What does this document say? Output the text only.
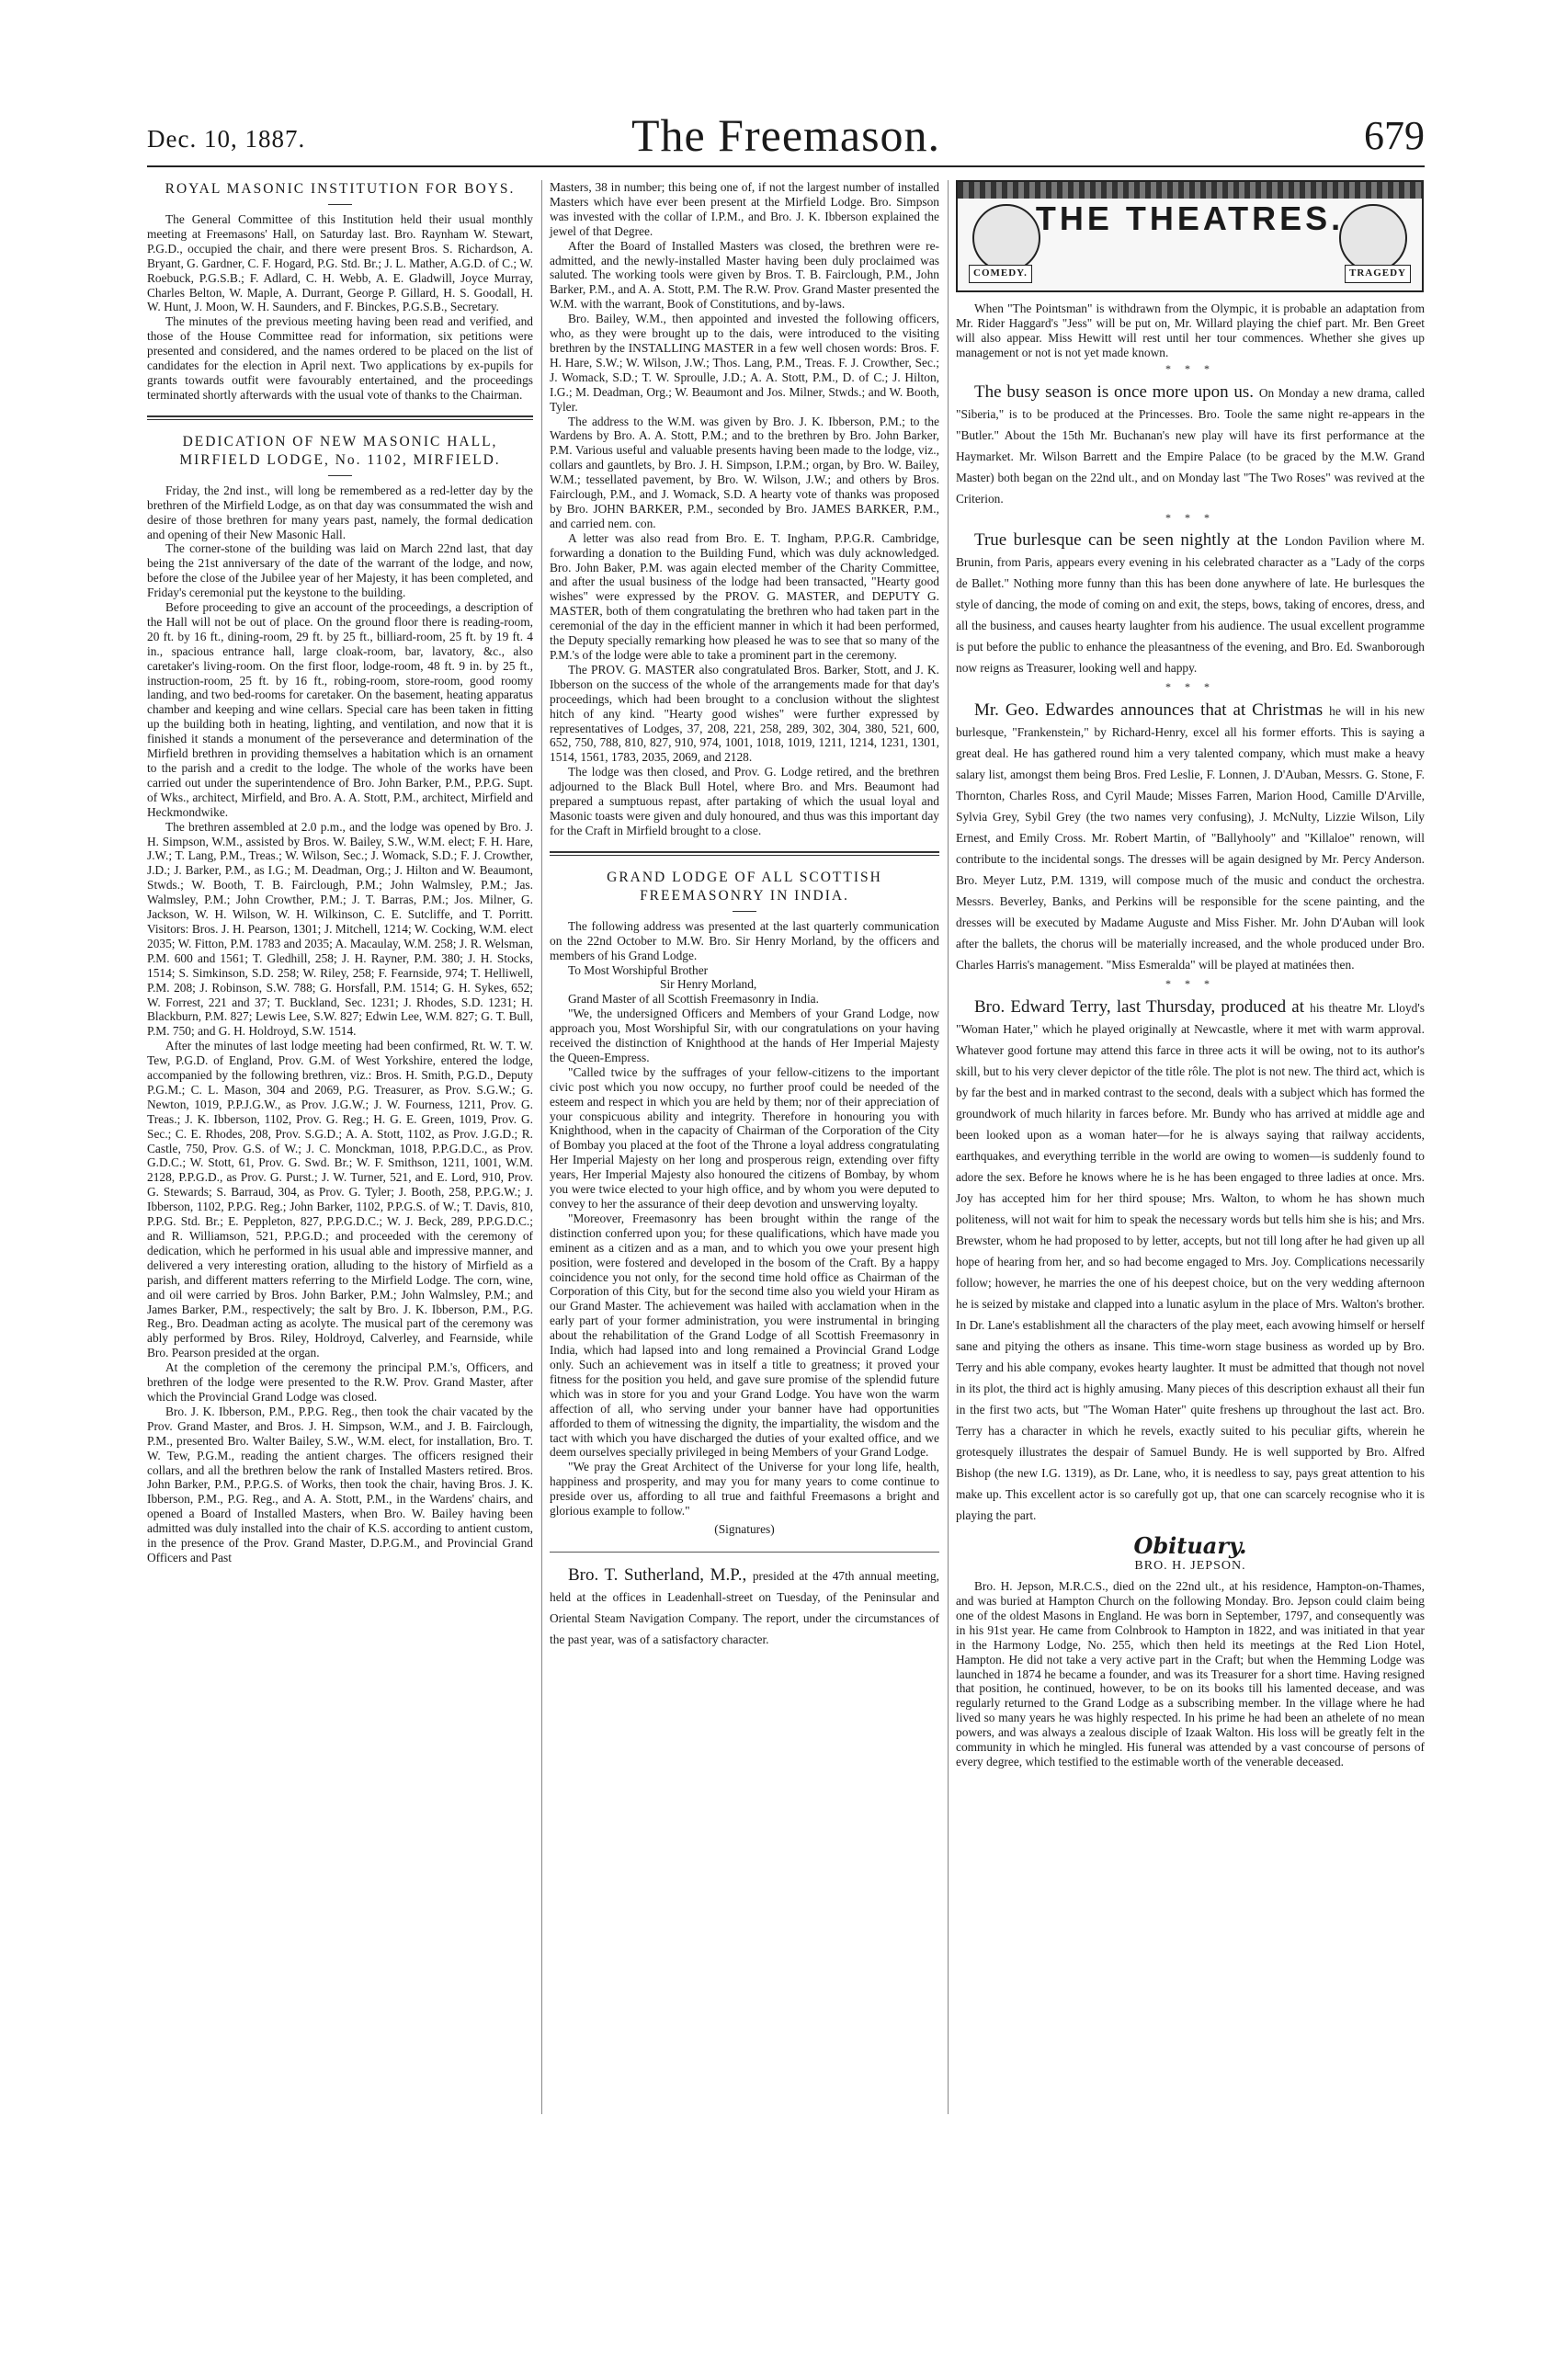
Dec. 10, 1887.	The Freemason.	679
ROYAL MASONIC INSTITUTION FOR BOYS.

The General Committee of this Institution held their usual monthly meeting at Freemasons' Hall, on Saturday last. Bro. Raynham W. Stewart, P.G.D., occupied the chair, and there were present Bros. S. Richardson, A. Bryant, G. Gardner, C. F. Hogard, P.G. Std. Br.; J. L. Mather, A.G.D. of C.; W. Roebuck, P.G.S.B.; F. Adlard, C. H. Webb, A. E. Gladwill, Joyce Murray, Charles Belton, W. Maple, A. Durrant, George P. Gillard, H. S. Goodall, H. W. Hunt, J. Moon, W. H. Saunders, and F. Binckes, P.G.S.B., Secretary.

The minutes of the previous meeting having been read and verified, and those of the House Committee read for information, six petitions were presented and considered, and the names ordered to be placed on the list of candidates for the election in April next. Two applications by ex-pupils for grants towards outfit were favourably entertained, and the proceedings terminated shortly afterwards with the usual vote of thanks to the Chairman.

DEDICATION OF NEW MASONIC HALL, MIRFIELD LODGE, No. 1102, MIRFIELD.

Friday, the 2nd inst., will long be remembered as a red-letter day by the brethren of the Mirfield Lodge, as on that day was consummated the wish and desire of those brethren for many years past, namely, the formal dedication and opening of their New Masonic Hall.

The corner-stone of the building was laid on March 22nd last, that day being the 21st anniversary of the date of the warrant of the lodge, and now, before the close of the Jubilee year of her Majesty, it has been completed, and Friday's ceremonial put the keystone to the building.

Before proceeding to give an account of the proceedings, a description of the Hall will not be out of place. On the ground floor there is reading-room, 20 ft. by 16 ft., dining-room, 29 ft. by 25 ft., billiard-room, 25 ft. by 19 ft. 4 in., spacious entrance hall, large cloak-room, bar, lavatory, &c., also caretaker's living-room. On the first floor, lodge-room, 48 ft. 9 in. by 25 ft., instruction-room, 25 ft. by 16 ft., robing-room, store-room, good roomy landing, and two bed-rooms for caretaker. On the basement, heating apparatus chamber and keeping and wine cellars. Special care has been taken in fitting up the building both in heating, lighting, and ventilation, and now that it is finished it stands a monument of the perseverance and determination of the Mirfield brethren in providing themselves a habitation which is an ornament to the parish and a credit to the lodge. The whole of the works have been carried out under the superintendence of Bro. John Barker, P.M., P.P.G. Supt. of Wks., architect, Mirfield, and Bro. A. A. Stott, P.M., architect, Mirfield and Heckmondwike.

The brethren assembled at 2.0 p.m., and the lodge was opened by Bro. J. H. Simpson, W.M., assisted by Bros. W. Bailey, S.W., W.M. elect; F. H. Hare, J.W.; T. Lang, P.M., Treas.; W. Wilson, Sec.; J. Womack, S.D.; F. J. Crowther, J.D.; J. Barker, P.M., as I.G.; M. Deadman, Org.; J. Hilton and W. Beaumont, Stwds.; W. Booth, T. B. Fairclough, P.M.; John Walmsley, P.M.; Jas. Walmsley, P.M.; John Crowther, P.M.; J. T. Barras, P.M.; Jos. Milner, G. Jackson, W. H. Wilson, W. H. Wilkinson, C. E. Sutcliffe, and T. Porritt. Visitors: Bros. J. H. Pearson, 1301; J. Mitchell, 1214; W. Cocking, W.M. elect 2035; W. Fitton, P.M. 1783 and 2035; A. Macaulay, W.M. 258; J. R. Welsman, P.M. 600 and 1561; T. Gledhill, 258; J. H. Rayner, P.M. 380; J. H. Stocks, 1514; S. Simkinson, S.D. 258; W. Riley, 258; F. Fearnside, 974; T. Helliwell, P.M. 208; J. Robinson, S.W. 788; G. Horsfall, P.M. 1514; G. H. Sykes, 652; W. Forrest, 221 and 37; T. Buckland, Sec. 1231; J. Rhodes, S.D. 1231; H. Blackburn, P.M. 827; Lewis Lee, S.W. 827; Edwin Lee, W.M. 827; G. T. Bull, P.M. 750; and G. H. Holdroyd, S.W. 1514.

After the minutes of last lodge meeting had been confirmed, Rt. W. T. W. Tew, P.G.D. of England, Prov. G.M. of West Yorkshire, entered the lodge, accompanied by the following brethren, viz.: Bros. H. Smith, P.G.D., Deputy P.G.M.; C. L. Mason, 304 and 2069, P.G. Treasurer, as Prov. S.G.W.; G. Newton, 1019, P.P.J.G.W., as Prov. J.G.W.; J. W. Fourness, 1211, Prov. G. Treas.; J. K. Ibberson, 1102, Prov. G. Reg.; H. G. E. Green, 1019, Prov. G. Sec.; C. E. Rhodes, 208, Prov. S.G.D.; A. A. Stott, 1102, as Prov. J.G.D.; R. Castle, 750, Prov. G.S. of W.; J. C. Monckman, 1018, P.P.G.D.C., as Prov. G.D.C.; W. Stott, 61, Prov. G. Swd. Br.; W. F. Smithson, 1211, 1001, W.M. 2128, P.P.G.D., as Prov. G. Purst.; J. W. Turner, 521, and E. Lord, 910, Prov. G. Stewards; S. Barraud, 304, as Prov. G. Tyler; J. Booth, 258, P.P.G.W.; J. Ibberson, 1102, P.P.G. Reg.; John Barker, 1102, P.P.G.S. of W.; T. Davis, 810, P.P.G. Std. Br.; E. Peppleton, 827, P.P.G.D.C.; W. J. Beck, 289, P.P.G.D.C.; and R. Williamson, 521, P.P.G.D.; and proceeded with the ceremony of dedication, which he performed in his usual able and impressive manner, and delivered a very interesting oration, alluding to the history of Mirfield as a parish, and different matters referring to the Mirfield Lodge. The corn, wine, and oil were carried by Bros. John Barker, P.M.; John Walmsley, P.M.; and James Barker, P.M., respectively; the salt by Bro. J. K. Ibberson, P.M., P.G. Reg., Bro. Deadman acting as acolyte. The musical part of the ceremony was ably performed by Bros. Riley, Holdroyd, Calverley, and Fearnside, while Bro. Pearson presided at the organ.

At the completion of the ceremony the principal P.M.'s, Officers, and brethren of the lodge were presented to the R.W. Prov. Grand Master, after which the Provincial Grand Lodge was closed.

Bro. J. K. Ibberson, P.M., P.P.G. Reg., then took the chair vacated by the Prov. Grand Master, and Bros. J. H. Simpson, W.M., and J. B. Fairclough, P.M., presented Bro. Walter Bailey, S.W., W.M. elect, for installation, Bro. T. W. Tew, P.G.M., reading the antient charges. The officers resigned their collars, and all the brethren below the rank of Installed Masters retired. Bros. John Barker, P.M., P.P.G.S. of Works, then took the chair, having Bros. J. K. Ibberson, P.M., P.G. Reg., and A. A. Stott, P.M., in the Wardens' chairs, and opened a Board of Installed Masters, when Bro. W. Bailey having been admitted was duly installed into the chair of K.S. according to antient custom, in the presence of the Prov. Grand Master, D.P.G.M., and Provincial Grand Officers and Past

Masters, 38 in number; this being one of, if not the largest number of installed Masters which have ever been present at the Mirfield Lodge. Bro. Simpson was invested with the collar of I.P.M., and Bro. J. K. Ibberson explained the jewel of that Degree.

After the Board of Installed Masters was closed, the brethren were re-admitted, and the newly-installed Master having been duly proclaimed was saluted. The working tools were given by Bros. T. B. Fairclough, P.M., John Barker, P.M., and A. A. Stott, P.M. The R.W. Prov. Grand Master presented the W.M. with the warrant, Book of Constitutions, and by-laws.

Bro. Bailey, W.M., then appointed and invested the following officers, who, as they were brought up to the dais, were introduced to the visiting brethren by the INSTALLING MASTER in a few well chosen words: Bros. F. H. Hare, S.W.; W. Wilson, J.W.; Thos. Lang, P.M., Treas. F. J. Crowther, Sec.; J. Womack, S.D.; T. W. Sproulle, J.D.; A. A. Stott, P.M., D. of C.; J. Hilton, I.G.; M. Deadman, Org.; W. Beaumont and Jos. Milner, Stwds.; and W. Booth, Tyler.

The address to the W.M. was given by Bro. J. K. Ibberson, P.M.; to the Wardens by Bro. A. A. Stott, P.M.; and to the brethren by Bro. John Barker, P.M. Various useful and valuable presents having been made to the lodge, viz., collars and gauntlets, by Bro. J. H. Simpson, I.P.M.; organ, by Bro. W. Bailey, W.M.; tessellated pavement, by Bro. W. Wilson, J.W.; and others by Bros. Fairclough, P.M., and J. Womack, S.D. A hearty vote of thanks was proposed by Bro. JOHN BARKER, P.M., seconded by Bro. JAMES BARKER, P.M., and carried nem. con.

A letter was also read from Bro. E. T. Ingham, P.P.G.R. Cambridge, forwarding a donation to the Building Fund, which was duly acknowledged. Bro. John Baker, P.M. was again elected member of the Charity Committee, and after the usual business of the lodge had been transacted, "Hearty good wishes" were expressed by the PROV. G. MASTER, and DEPUTY G. MASTER, both of them congratulating the brethren who had taken part in the ceremonial of the day in the efficient manner in which it had been performed, the Deputy specially remarking how pleased he was to see that so many of the P.M.'s of the lodge were able to take a prominent part in the ceremony.

The PROV. G. MASTER also congratulated Bros. Barker, Stott, and J. K. Ibberson on the success of the whole of the arrangements made for that day's proceedings, which had been brought to a conclusion without the slightest hitch of any kind. "Hearty good wishes" were further expressed by representatives of Lodges, 37, 208, 221, 258, 289, 302, 304, 380, 521, 600, 652, 750, 788, 810, 827, 910, 974, 1001, 1018, 1019, 1211, 1214, 1231, 1301, 1514, 1561, 1783, 2035, 2069, and 2128.

The lodge was then closed, and Prov. G. Lodge retired, and the brethren adjourned to the Black Bull Hotel, where Bro. and Mrs. Beaumont had prepared a sumptuous repast, after partaking of which the usual loyal and Masonic toasts were given and duly honoured, and thus was this important day for the Craft in Mirfield brought to a close.

GRAND LODGE OF ALL SCOTTISH FREEMASONRY IN INDIA.

The following address was presented at the last quarterly communication on the 22nd October to M.W. Bro. Sir Henry Morland, by the officers and members of his Grand Lodge.

To Most Worshipful Brother

Sir Henry Morland,

Grand Master of all Scottish Freemasonry in India.

"We, the undersigned Officers and Members of your Grand Lodge, now approach you, Most Worshipful Sir, with our congratulations on your having received the distinction of Knighthood at the hands of Her Imperial Majesty the Queen-Empress.

"Called twice by the suffrages of your fellow-citizens to the important civic post which you now occupy, no further proof could be needed of the esteem and respect in which you are held by them; nor of their appreciation of your conspicuous ability and integrity. Therefore in honouring you with Knighthood, when in the capacity of Chairman of the Corporation of the City of Bombay you placed at the foot of the Throne a loyal address congratulating Her Imperial Majesty on her long and prosperous reign, extending over fifty years, Her Imperial Majesty also honoured the citizens of Bombay, by whom you were twice elected to your high office, and by whom you were deputed to convey to her the assurance of their deep devotion and unswerving loyalty.

"Moreover, Freemasonry has been brought within the range of the distinction conferred upon you; for these qualifications, which have made you eminent as a citizen and as a man, and to which you owe your present high position, were fostered and developed in the bosom of the Craft. By a happy coincidence you not only, for the second time hold office as Chairman of the Corporation of this City, but for the second time also you wield your Hiram as our Grand Master. The achievement was hailed with acclamation when in the early part of your former administration, you were instrumental in bringing about the rehabilitation of the Grand Lodge of all Scottish Freemasonry in India, which had lapsed into and long remained a Provincial Grand Lodge only. Such an achievement was in itself a title to greatness; it proved your fitness for the position you held, and gave sure promise of the splendid future which was in store for you and your Grand Lodge. You have won the warm affection of all, who serving under your banner have had opportunities afforded to them of witnessing the dignity, the impartiality, the wisdom and the tact with which you have discharged the duties of your exalted office, and we deem ourselves specially privileged in being Members of your Grand Lodge.

"We pray the Great Architect of the Universe for your long life, health, happiness and prosperity, and may you for many years to come continue to preside over us, affording to all true and faithful Freemasons a bright and glorious example to follow."

(Signatures)

Bro. T. Sutherland, M.P., presided at the 47th annual meeting, held at the offices in Leadenhall-street on Tuesday, of the Peninsular and Oriental Steam Navigation Company. The report, under the circumstances of the past year, was of a satisfactory character.

THE THEATRES.
COMEDY.	TRAGEDY

When "The Pointsman" is withdrawn from the Olympic, it is probable an adaptation from Mr. Rider Haggard's "Jess" will be put on, Mr. Willard playing the chief part. Mr. Ben Greet will also appear. Miss Hewitt will rest until her tour commences. Whether she gives up management or not is not yet made known.

* * *

The busy season is once more upon us. On Monday a new drama, called "Siberia," is to be produced at the Princesses. Bro. Toole the same night re-appears in the "Butler." About the 15th Mr. Buchanan's new play will have its first performance at the Haymarket. Mr. Wilson Barrett and the Empire Palace (to be graced by the M.W. Grand Master) both began on the 22nd ult., and on Monday last "The Two Roses" was revived at the Criterion.

* * *

True burlesque can be seen nightly at the London Pavilion where M. Brunin, from Paris, appears every evening in his celebrated character as a "Lady of the corps de Ballet." Nothing more funny than this has been done anywhere of late. He burlesques the style of dancing, the mode of coming on and exit, the steps, bows, taking of encores, dress, and all the business, and causes hearty laughter from his audience. The usual excellent programme is put before the public to enhance the pleasantness of the evening, and Bro. Ed. Swanborough now reigns as Treasurer, looking well and happy.

* * *

Mr. Geo. Edwardes announces that at Christmas he will in his new burlesque, "Frankenstein," by Richard-Henry, excel all his former efforts. This is saying a great deal. He has gathered round him a very talented company, which must make a heavy salary list, amongst them being Bros. Fred Leslie, F. Lonnen, J. D'Auban, Messrs. G. Stone, F. Thornton, Charles Ross, and Cyril Maude; Misses Farren, Marion Hood, Camille D'Arville, Sylvia Grey, Sybil Grey (the two names very confusing), J. McNulty, Lizzie Wilson, Lily Ernest, and Emily Cross. Mr. Robert Martin, of "Ballyhooly" and "Killaloe" renown, will contribute to the incidental songs. The dresses will be again designed by Mr. Percy Anderson. Bro. Meyer Lutz, P.M. 1319, will compose much of the music and conduct the orchestra. Messrs. Beverley, Banks, and Perkins will be responsible for the scene painting, and the dresses will be executed by Madame Auguste and Miss Fisher. Mr. John D'Auban will look after the ballets, the chorus will be materially increased, and the whole produced under Bro. Charles Harris's management. "Miss Esmeralda" will be played at matinées then.

* * *

Bro. Edward Terry, last Thursday, produced at his theatre Mr. Lloyd's "Woman Hater," which he played originally at Newcastle, where it met with warm approval. Whatever good fortune may attend this farce in three acts it will be owing, not to its author's skill, but to his very clever depictor of the title rôle. The plot is not new. The third act, which is by far the best and in marked contrast to the second, deals with a subject which has formed the groundwork of much hilarity in farces before. Mr. Bundy who has arrived at middle age and been looked upon as a woman hater—for he is always saying that railway accidents, earthquakes, and everything terrible in the world are owing to women—is suddenly found to adore the sex. Before he knows where he is he has been engaged to three ladies at once. Mrs. Joy has accepted him for her third spouse; Mrs. Walton, to whom he has shown much politeness, will not wait for him to speak the necessary words but tells him she is his; and Mrs. Brewster, whom he had proposed to by letter, accepts, but not till long after he had given up all hope of hearing from her, and so had become engaged to Mrs. Joy. Complications necessarily follow; however, he marries the one of his deepest choice, but on the very wedding afternoon he is seized by mistake and clapped into a lunatic asylum in the place of Mrs. Walton's brother. In Dr. Lane's establishment all the characters of the play meet, each avowing himself or herself sane and pitying the others as insane. This time-worn stage business as worded up by Bro. Terry and his able company, evokes hearty laughter. It must be admitted that though not novel in its plot, the third act is highly amusing. Many pieces of this description exhaust all their fun in the first two acts, but "The Woman Hater" quite freshens up throughout the last act. Bro. Terry has a character in which he revels, exactly suited to his peculiar gifts, wherein he grotesquely illustrates the despair of Samuel Bundy. He is well supported by Bro. Alfred Bishop (the new I.G. 1319), as Dr. Lane, who, it is needless to say, pays great attention to his make up. This excellent actor is so carefully got up, that one can scarcely recognise who it is playing the part.

Obituary.
BRO. H. JEPSON.

Bro. H. Jepson, M.R.C.S., died on the 22nd ult., at his residence, Hampton-on-Thames, and was buried at Hampton Church on the following Monday. Bro. Jepson could claim being one of the oldest Masons in England. He was born in September, 1797, and consequently was in his 91st year. He came from Colnbrook to Hampton in 1822, and was initiated in that year in the Harmony Lodge, No. 255, which then held its meetings at the Red Lion Hotel, Hampton. He did not take a very active part in the Craft; but when the Hemming Lodge was launched in 1874 he became a founder, and was its Treasurer for a short time. Having resigned that position, he continued, however, to be on its books till his lamented decease, and was regularly returned to the Grand Lodge as a subscribing member. In the village where he had lived so many years he was highly respected. In his prime he had been an athelete of no mean powers, and was always a zealous disciple of Izaak Walton. His loss will be greatly felt in the community in which he mingled. His funeral was attended by a vast concourse of persons of every degree, which testified to the estimable worth of the venerable deceased.
